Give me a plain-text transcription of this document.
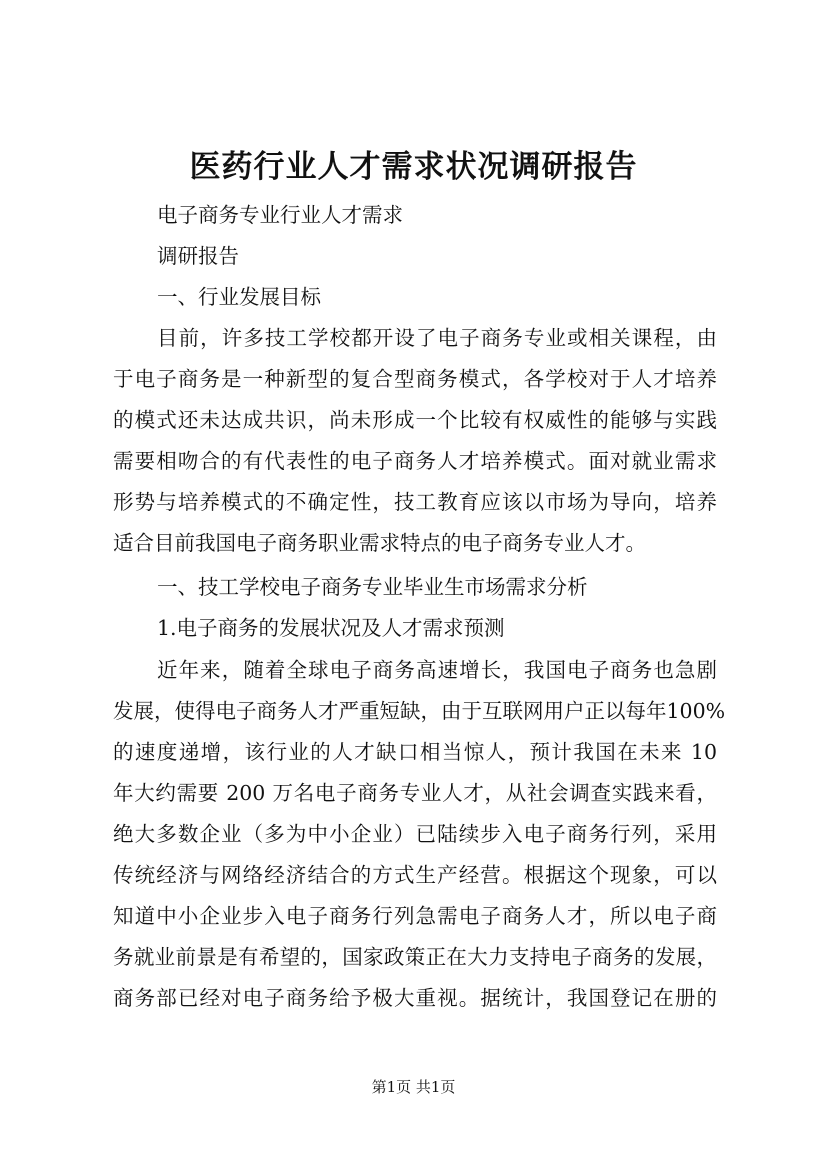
医药行业人才需求状况调研报告
电子商务专业行业人才需求
调研报告
一、行业发展目标
目前，许多技工学校都开设了电子商务专业或相关课程，由
于电子商务是一种新型的复合型商务模式，各学校对于人才培养
的模式还未达成共识，尚未形成一个比较有权威性的能够与实践
需要相吻合的有代表性的电子商务人才培养模式。面对就业需求
形势与培养模式的不确定性，技工教育应该以市场为导向，培养
适合目前我国电子商务职业需求特点的电子商务专业人才。
一、技工学校电子商务专业毕业生市场需求分析
1.电子商务的发展状况及人才需求预测
近年来，随着全球电子商务高速增长，我国电子商务也急剧
发展，使得电子商务人才严重短缺，由于互联网用户正以每年100%
的速度递增，该行业的人才缺口相当惊人，预计我国在未来 10
年大约需要 200 万名电子商务专业人才，从社会调查实践来看，
绝大多数企业（多为中小企业）已陆续步入电子商务行列，采用
传统经济与网络经济结合的方式生产经营。根据这个现象，可以
知道中小企业步入电子商务行列急需电子商务人才，所以电子商
务就业前景是有希望的，国家政策正在大力支持电子商务的发展，
商务部已经对电子商务给予极大重视。据统计，我国登记在册的
第1页 共1页
